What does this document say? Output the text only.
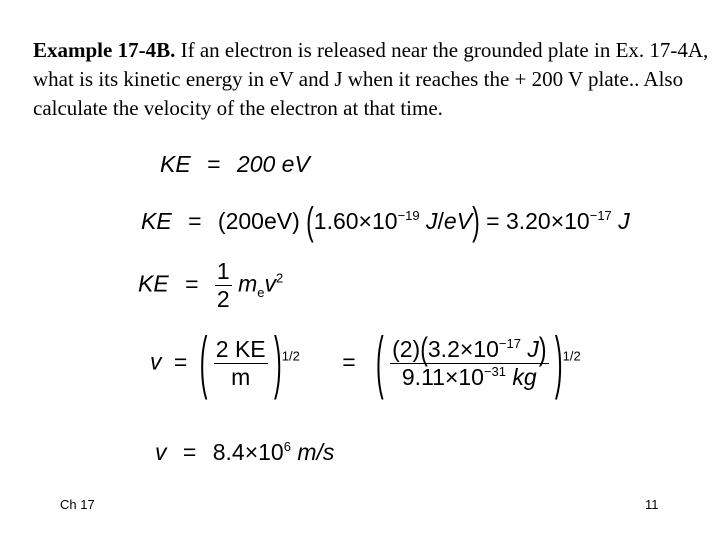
Example 17-4B. If an electron is released near the grounded plate in Ex. 17-4A, what is its kinetic energy in eV and J when it reaches the + 200 V plate.. Also calculate the velocity of the electron at that time.

KE = 200 eV
KE = (200eV) ($1.60\times 10^{-19}$ $J/eV) = 3.20\times 10^{-17}$ J
KE = $\frac{1}{2} m_ev^2$
v = ( $\frac{2 KE}{m} )^{1/2}$ = ( $\frac{(2)(3.2\times 10^{-17} J)}{9.11\times 10^{-31} kg} )^{1/2}$
$v = 8.4\times 10^6$ m/s
Ch 17	11
